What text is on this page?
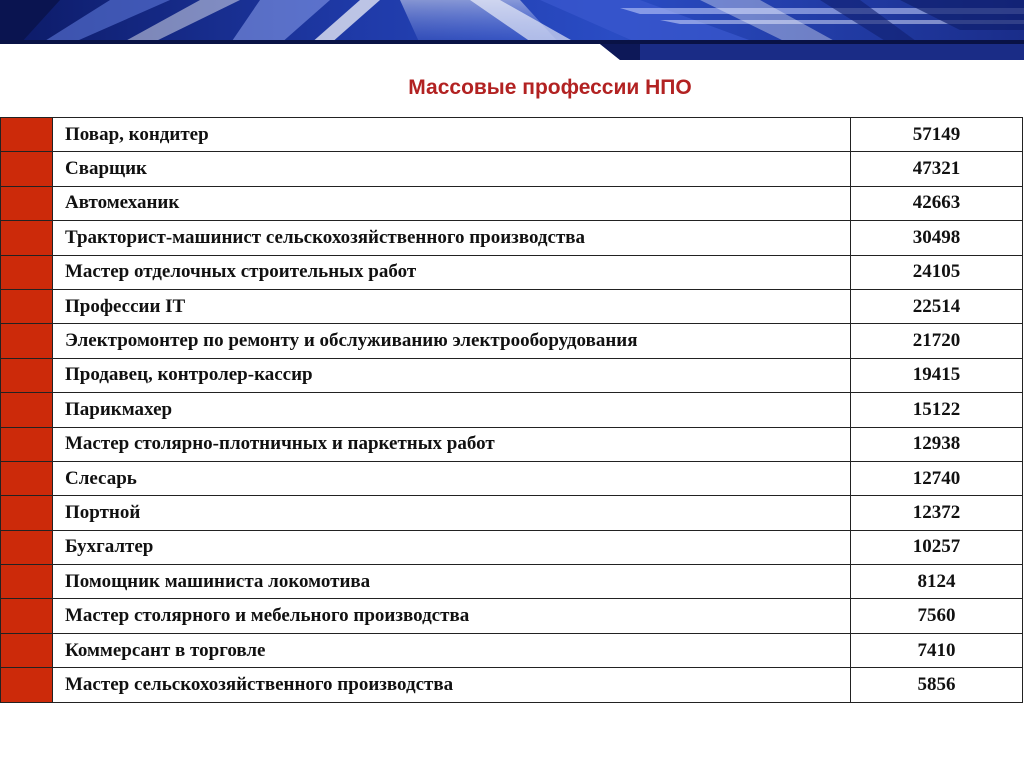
Массовые профессии НПО
	Повар, кондитер	57149
	Сварщик	47321
	Автомеханик	42663
	Тракторист-машинист сельскохозяйственного производства	30498
	Мастер отделочных строительных работ	24105
	Профессии IT	22514
	Электромонтер по ремонту и обслуживанию электрооборудования	21720
	Продавец, контролер-кассир	19415
	Парикмахер	15122
	Мастер столярно-плотничных и паркетных работ	12938
	Слесарь	12740
	Портной	12372
	Бухгалтер	10257
	Помощник машиниста локомотива	8124
	Мастер столярного и мебельного производства	7560
	Коммерсант в торговле	7410
	Мастер сельскохозяйственного производства	5856
